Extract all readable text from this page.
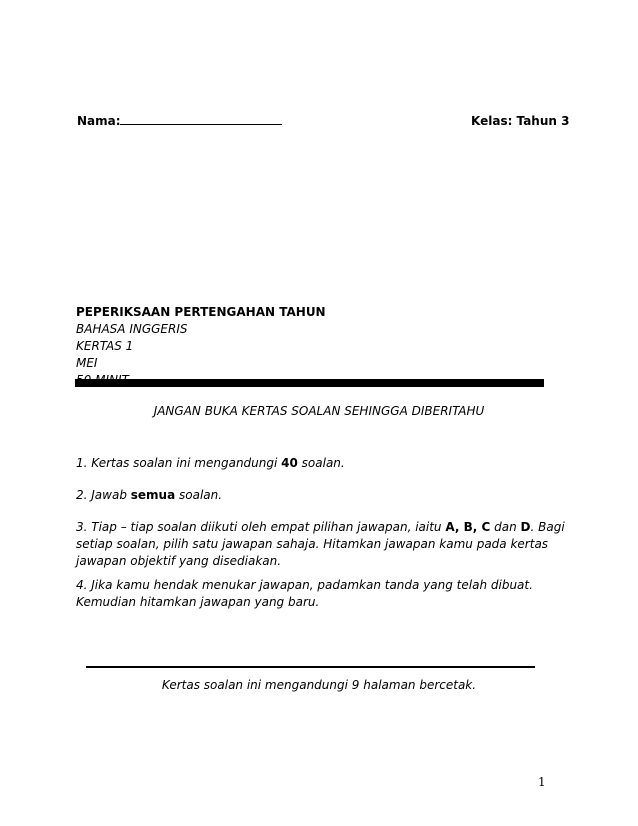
Nama:	Kelas: Tahun 3
PEPERIKSAAN PERTENGAHAN TAHUN
BAHASA INGGERIS
KERTAS 1
MEI
JANGAN BUKA KERTAS SOALAN SEHINGGA DIBERITAHU
1. Kertas soalan ini mengandungi 40 soalan.
2. Jawab semua soalan.
3. Tiap – tiap soalan diikuti oleh empat pilihan jawapan, iaitu A, B, C dan D. Bagi setiap soalan, pilih satu jawapan sahaja. Hitamkan jawapan kamu pada kertas jawapan objektif yang disediakan.
4. Jika kamu hendak menukar jawapan, padamkan tanda yang telah dibuat. Kemudian hitamkan jawapan yang baru.
Kertas soalan ini mengandungi 9 halaman bercetak.
1
